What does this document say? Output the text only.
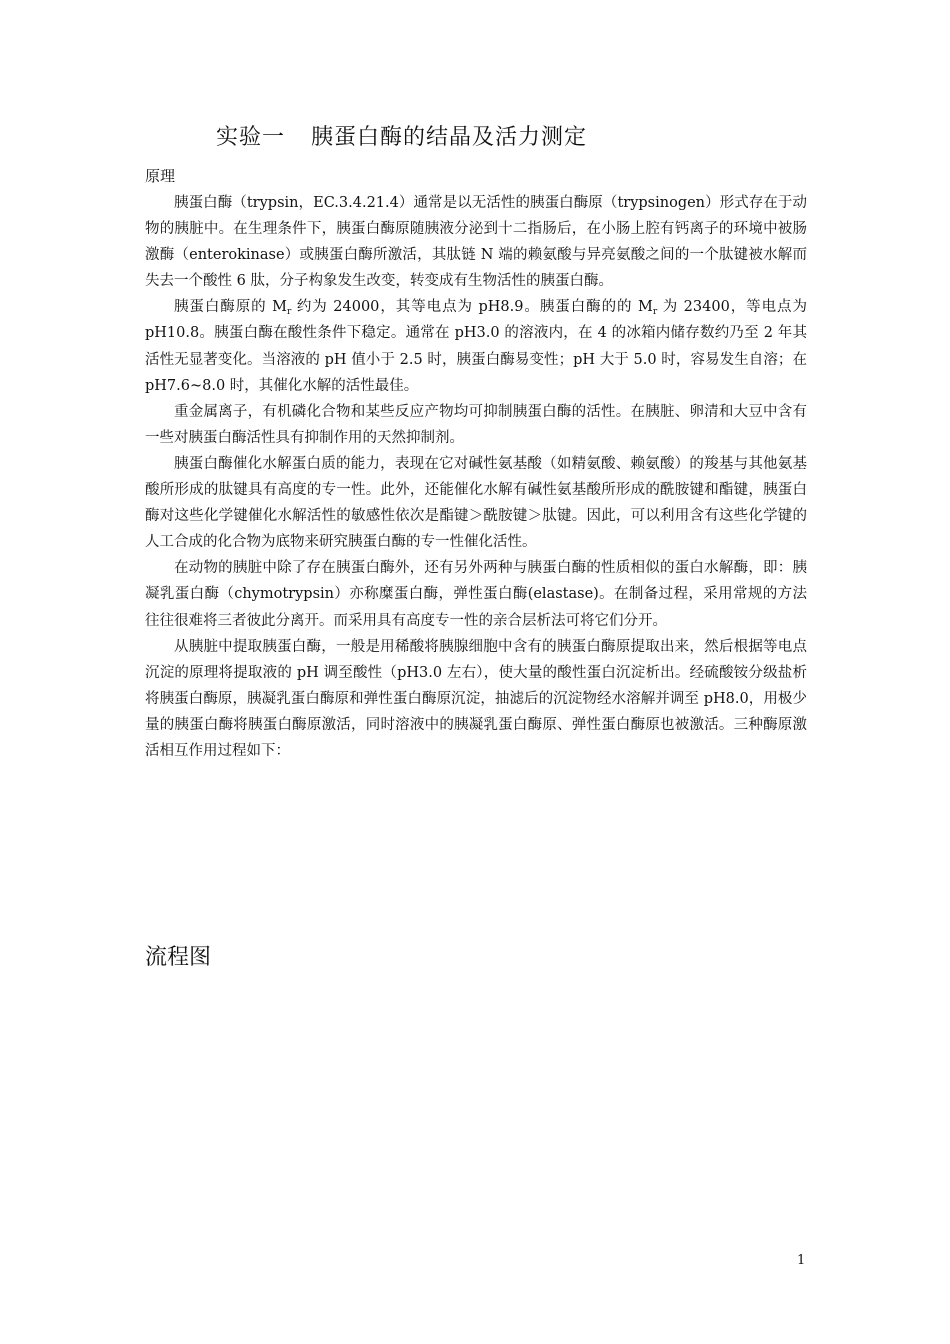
实验一 胰蛋白酶的结晶及活力测定
原理

胰蛋白酶（trypsin，EC.3.4.21.4）通常是以无活性的胰蛋白酶原（trypsinogen）形式存在于动物的胰脏中。在生理条件下，胰蛋白酶原随胰液分泌到十二指肠后，在小肠上腔有钙离子的环境中被肠激酶（enterokinase）或胰蛋白酶所激活，其肽链 N 端的赖氨酸与异亮氨酸之间的一个肽键被水解而失去一个酸性 6 肽，分子构象发生改变，转变成有生物活性的胰蛋白酶。

胰蛋白酶原的 $M_r$ 约为 24000，其等电点为 pH8.9。胰蛋白酶的的 $M_r$ 为 23400，等电点为 pH10.8。胰蛋白酶在酸性条件下稳定。通常在 pH3.0 的溶液内，在 4 的冰箱内储存数约乃至 2 年其活性无显著变化。当溶液的 pH 值小于 2.5 时，胰蛋白酶易变性；pH 大于 5.0 时，容易发生自溶；在 pH7.6~8.0 时，其催化水解的活性最佳。

重金属离子，有机磷化合物和某些反应产物均可抑制胰蛋白酶的活性。在胰脏、卵清和大豆中含有一些对胰蛋白酶活性具有抑制作用的天然抑制剂。

胰蛋白酶催化水解蛋白质的能力，表现在它对碱性氨基酸（如精氨酸、赖氨酸）的羧基与其他氨基酸所形成的肽键具有高度的专一性。此外，还能催化水解有碱性氨基酸所形成的酰胺键和酯键，胰蛋白酶对这些化学键催化水解活性的敏感性依次是酯键＞酰胺键＞肽键。因此，可以利用含有这些化学键的人工合成的化合物为底物来研究胰蛋白酶的专一性催化活性。

在动物的胰脏中除了存在胰蛋白酶外，还有另外两种与胰蛋白酶的性质相似的蛋白水解酶，即：胰凝乳蛋白酶（chymotrypsin）亦称糜蛋白酶，弹性蛋白酶(elastase)。在制备过程，采用常规的方法往往很难将三者彼此分离开。而采用具有高度专一性的亲合层析法可将它们分开。

从胰脏中提取胰蛋白酶，一般是用稀酸将胰腺细胞中含有的胰蛋白酶原提取出来，然后根据等电点沉淀的原理将提取液的 pH 调至酸性（pH3.0 左右），使大量的酸性蛋白沉淀析出。经硫酸铵分级盐析将胰蛋白酶原，胰凝乳蛋白酶原和弹性蛋白酶原沉淀，抽滤后的沉淀物经水溶解并调至 pH8.0，用极少量的胰蛋白酶将胰蛋白酶原激活，同时溶液中的胰凝乳蛋白酶原、弹性蛋白酶原也被激活。三种酶原激活相互作用过程如下：

流程图
1
